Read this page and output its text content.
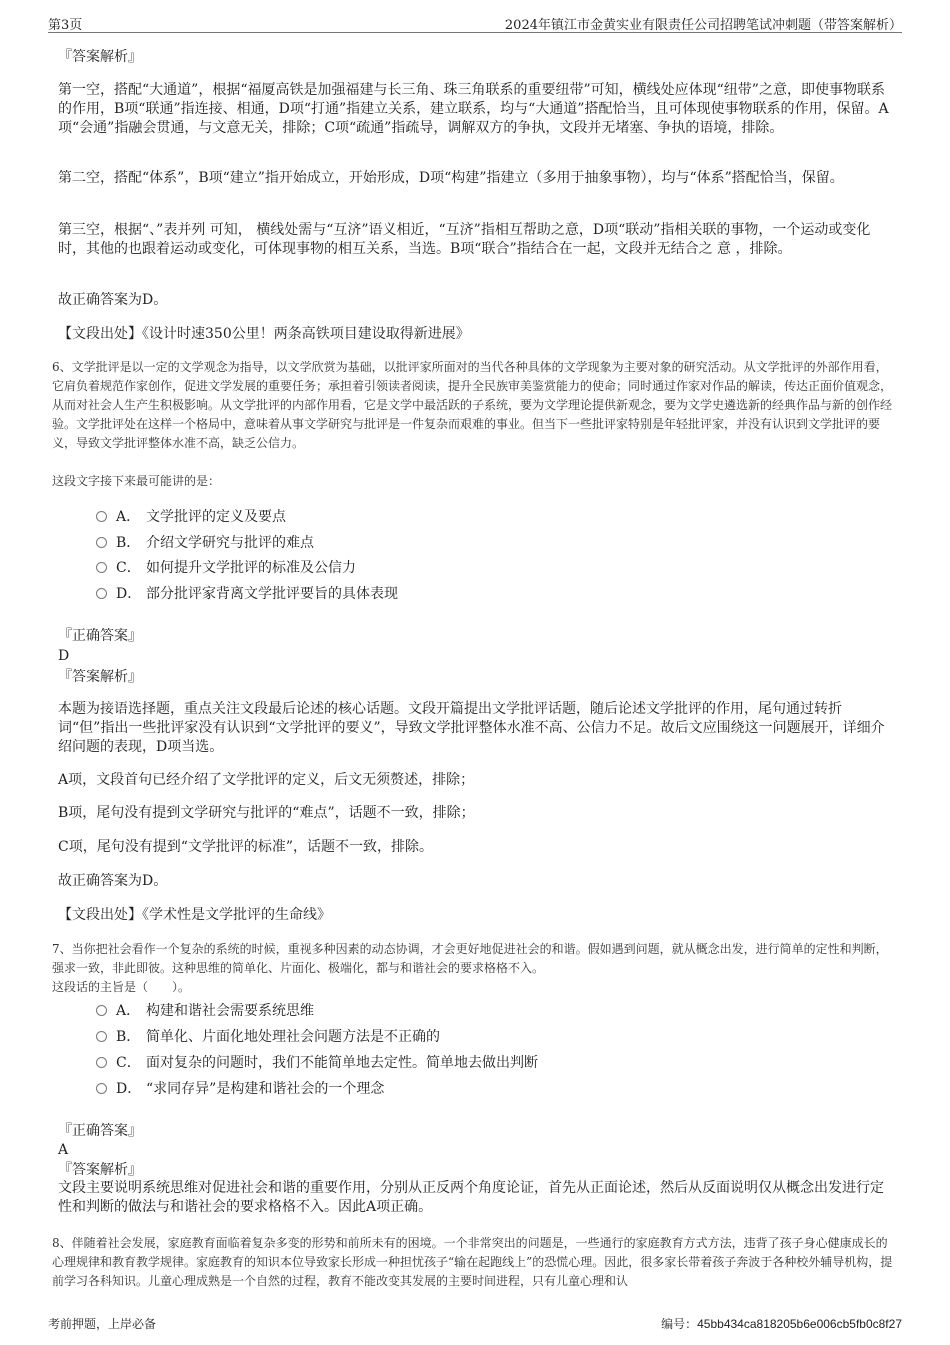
第3页	2024年镇江市金黄实业有限责任公司招聘笔试冲刺题（带答案解析）

『答案解析』

第一空，搭配“大通道”，根据“福厦高铁是加强福建与长三角、珠三角联系的重要纽带”可知，横线处应体现“纽带”之意，即使事物联系的作用，B项“联通”指连接、相通，D项“打通”指建立关系，建立联系，均与“大通道”搭配恰当，且可体现使事物联系的作用，保留。A项“会通”指融会贯通，与文意无关，排除；C项“疏通”指疏导，调解双方的争执，文段并无堵塞、争执的语境，排除。

第二空，搭配“体系”，B项“建立”指开始成立，开始形成，D项“构建”指建立（多用于抽象事物），均与“体系”搭配恰当，保留。

第三空，根据“、”表并列 可知， 横线处需与“互济”语义相近，“互济”指相互帮助之意，D项“联动”指相关联的事物，一个运动或变化时，其他的也跟着运动或变化，可体现事物的相互关系，当选。B项“联合”指结合在一起，文段并无结合之 意 ，排除。

故正确答案为D。

【文段出处】《设计时速350公里！两条高铁项目建设取得新进展》

6、文学批评是以一定的文学观念为指导，以文学欣赏为基础，以批评家所面对的当代各种具体的文学现象为主要对象的研究活动。从文学批评的外部作用看，它肩负着规范作家创作，促进文学发展的重要任务；承担着引领读者阅读，提升全民族审美鉴赏能力的使命；同时通过作家对作品的解读，传达正面价值观念，从而对社会人生产生积极影响。从文学批评的内部作用看，它是文学中最活跃的子系统，要为文学理论提供新观念，要为文学史遴选新的经典作品与新的创作经验。文学批评处在这样一个格局中，意味着从事文学研究与批评是一件复杂而艰难的事业。但当下一些批评家特别是年轻批评家，并没有认识到文学批评的要义，导致文学批评整体水准不高，缺乏公信力。

这段文字接下来最可能讲的是：

A． 文学批评的定义及要点
B． 介绍文学研究与批评的难点
C． 如何提升文学批评的标准及公信力
D． 部分批评家背离文学批评要旨的具体表现

『正确答案』

D

『答案解析』

本题为接语选择题，重点关注文段最后论述的核心话题。文段开篇提出文学批评话题，随后论述文学批评的作用，尾句通过转折词“但”指出一些批评家没有认识到“文学批评的要义”，导致文学批评整体水准不高、公信力不足。故后文应围绕这一问题展开，详细介绍问题的表现，D项当选。

A项，文段首句已经介绍了文学批评的定义，后文无须赘述，排除；

B项，尾句没有提到文学研究与批评的“难点”，话题不一致，排除；

C项，尾句没有提到“文学批评的标准”，话题不一致，排除。

故正确答案为D。

【文段出处】《学术性是文学批评的生命线》

7、当你把社会看作一个复杂的系统的时候，重视多种因素的动态协调，才会更好地促进社会的和谐。假如遇到问题，就从概念出发，进行简单的定性和判断，强求一致，非此即彼。这种思维的简单化、片面化、极端化，都与和谐社会的要求格格不入。

这段话的主旨是（　　）。

A． 构建和谐社会需要系统思维
B． 简单化、片面化地处理社会问题方法是不正确的
C． 面对复杂的问题时，我们不能简单地去定性。简单地去做出判断
D． “求同存异”是构建和谐社会的一个理念

『正确答案』

A

『答案解析』

文段主要说明系统思维对促进社会和谐的重要作用，分别从正反两个角度论证，首先从正面论述，然后从反面说明仅从概念出发进行定性和判断的做法与和谐社会的要求格格不入。因此A项正确。

8、伴随着社会发展，家庭教育面临着复杂多变的形势和前所未有的困境。一个非常突出的问题是，一些通行的家庭教育方式方法，违背了孩子身心健康成长的心理规律和教育教学规律。家庭教育的知识本位导致家长形成一种担忧孩子“输在起跑线上”的恐慌心理。因此，很多家长带着孩子奔波于各种校外辅导机构，提前学习各科知识。儿童心理成熟是一个自然的过程，教育不能改变其发展的主要时间进程，只有儿童心理和认

考前押题，上岸必备	编号：45bb434ca818205b6e006cb5fb0c8f27
